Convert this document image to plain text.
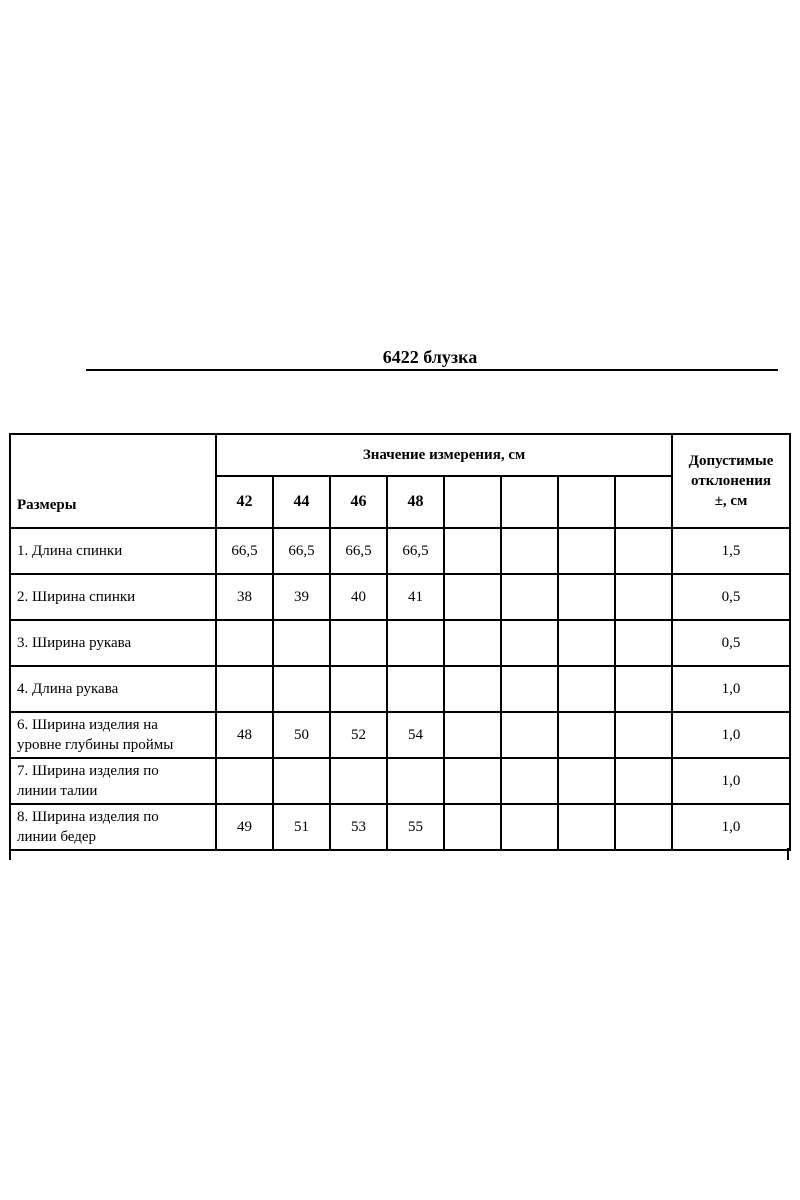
6422 блузка
	Значение измерения, см								Допустимые
отклонения
±, см
Размеры	42	44	46	48					
1. Длина спинки	66,5	66,5	66,5	66,5					1,5
2. Ширина спинки	38	39	40	41					0,5
3. Ширина рукава									0,5
4. Длина рукава									1,0
6. Ширина изделия на
уровне глубины проймы	48	50	52	54					1,0
7. Ширина изделия по
линии талии									1,0
8. Ширина изделия по
линии бедер	49	51	53	55					1,0
